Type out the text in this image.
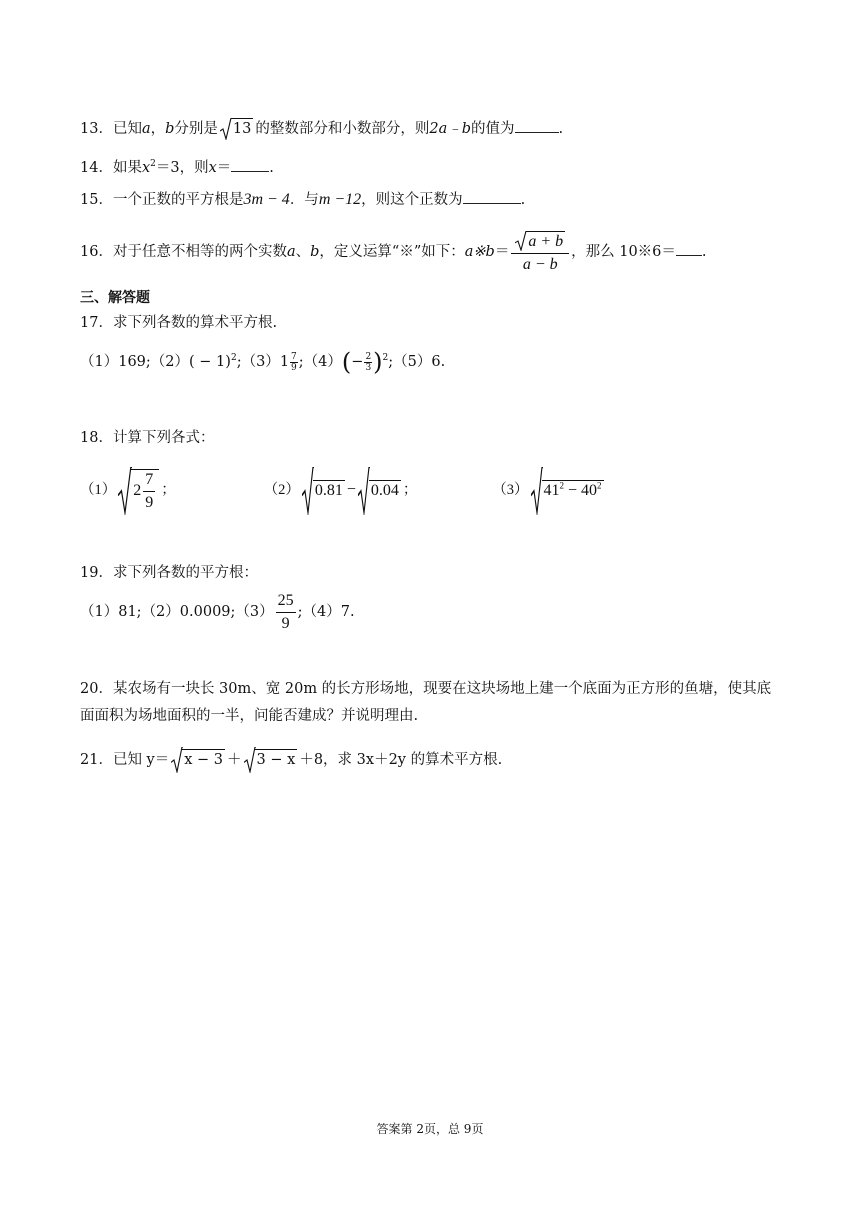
13．已知a，b分别是 13 的整数部分和小数部分，则2a﹣b的值为	.
14．如果$x^2=3$，则x＝	.
15．一个正数的平方根是3m − 4．与m −12，则这个正数为	.
16．对于任意不相等的两个实数a、b，定义运算“※”如下：a※b＝ $\frac{a + b}{a - b}$ ，那么 10※6＝ .
三、解答题
17．求下列各数的算术平方根.
（1）169;（2）( − 1)$^2$;（3）1 $\frac{7}{9}$ ;（4）(− $\frac{2}{3}$ )$^2$;（5）6.
18．计算下列各式：
（1） $2 \frac{7}{9}$ ；	（2） 0.81 − 0.04 ；	（3） $41^2 - 40^2$
19．求下列各数的平方根：
（1）81;（2）0.0009;（3） $\frac{25}{9}$ ;（4）7.
20．某农场有一块长 30m、宽 20m 的长方形场地，现要在这块场地上建一个底面为正方形的鱼塘，使其底面面积为场地面积的一半，问能否建成？并说明理由.
21．已知 y＝ x − 3 ＋ 3 − x ＋8，求 3x＋2y 的算术平方根.
答案第 2页，总 9页
